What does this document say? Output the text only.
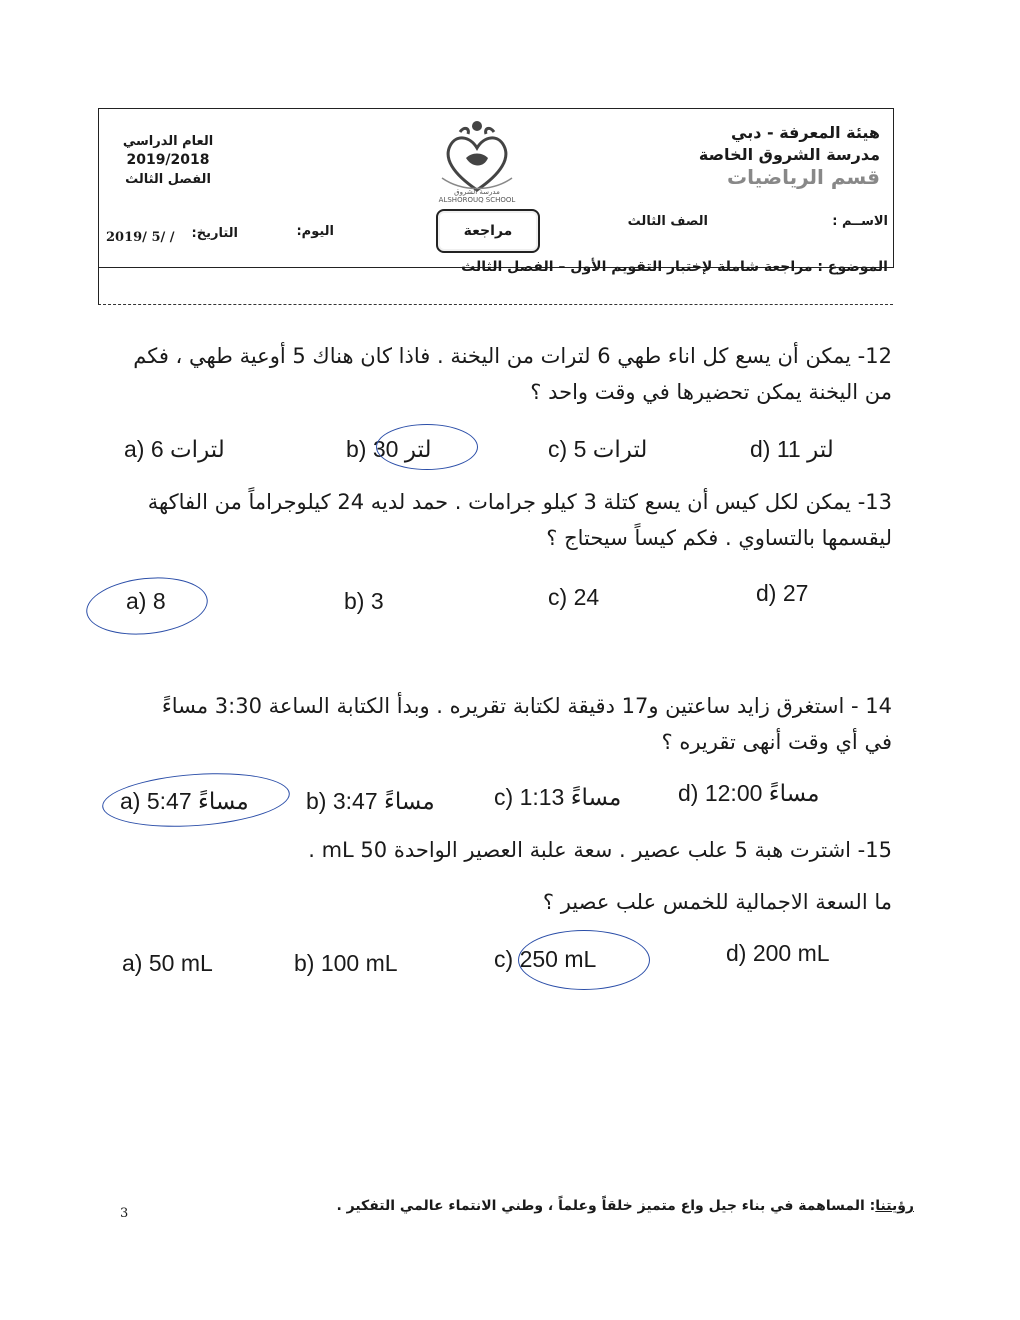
هيئة المعرفة - دبي
مدرسة الشروق الخاصة
قسم الرياضيات
العام الدراسي
2019/2018
الفصل الثالث
مدرسة الشروق
ALSHOROUQ SCHOOL
الاســم :
الصف الثالث
مراجعة
اليوم:
التاريخ:
2019/ 5/ /
الموضوع : مراجعة شاملة لإختبار التقويم الأول – الفصل الثالث
12- يمكن أن يسع كل اناء طهي 6 لترات من اليخنة . فاذا كان هناك 5 أوعية طهي ، فكم من اليخنة يمكن تحضيرها في وقت واحد ؟
a) 6 لترات	b) 30 لتر	c) 5 لترات	d) 11 لتر
13- يمكن لكل كيس أن يسع كتلة 3 كيلو جرامات . حمد لديه 24 كيلوجراماً من الفاكهة ليقسمها بالتساوي . فكم كيساً سيحتاج ؟
a) 8	b) 3	c) 24	d) 27
14 - استغرق زايد ساعتين و17 دقيقة لكتابة تقريره . وبدأ الكتابة الساعة 3:30 مساءً في أي وقت أنهى تقريره ؟
a) 5:47 مساءً b) 3:47 مساءً	c) 1:13 مساءً d) 12:00 مساءً
15- اشترت هبة 5 علب عصير . سعة علبة العصير الواحدة 50 mL .
ما السعة الاجمالية للخمس علب عصير ؟
a) 50 mL	b) 100 mL	c) 250 mL	d) 200 mL
3	رؤيتنا: المساهمة في بناء جيل واع متميز خلقاً وعلماً ، وطني الانتماء عالمي التفكير .
